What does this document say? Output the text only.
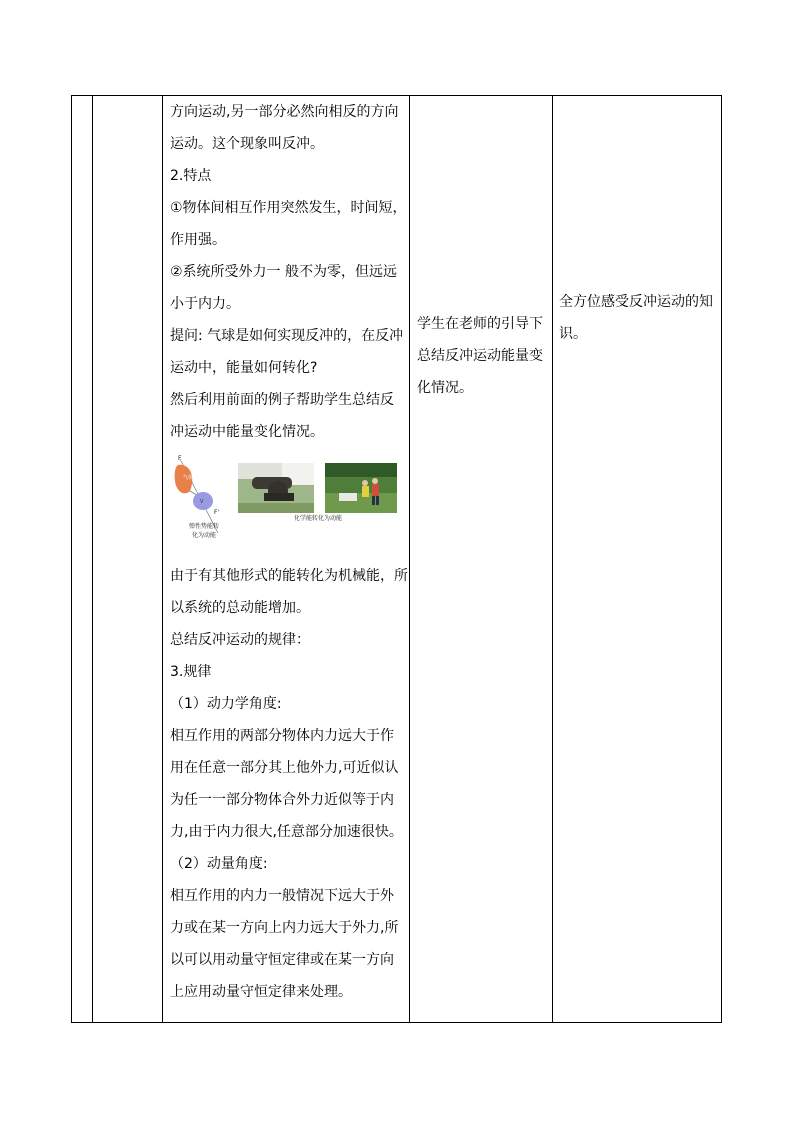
方向运动,另一部分必然向相反的方向

运动。这个现象叫反冲。

2.特点

①物体间相互作用突然发生，时间短，

作用强。

②系统所受外力一 般不为零，但远远

小于内力。

提问: 气球是如何实现反冲的，在反冲

运动中，能量如何转化?

然后利用前面的例子帮助学生总结反

冲运动中能量变化情况。

气体
V
F
F'
弹性势能转
化为动能
化学能转化为动能

由于有其他形式的能转化为机械能，所

以系统的总动能增加。

总结反冲运动的规律：

3.规律

（1）动力学角度:

相互作用的两部分物体内力远大于作

用在任意一部分其上他外力,可近似认

为任一一部分物体合外力近似等于内

力,由于内力很大,任意部分加速很快。

（2）动量角度:

相互作用的内力一般情况下远大于外

力或在某一方向上内力远大于外力,所

以可以用动量守恒定律或在某一方向

上应用动量守恒定律来处理。

学生在老师的引导下

总结反冲运动能量变

化情况。

全方位感受反冲运动的知

识。
